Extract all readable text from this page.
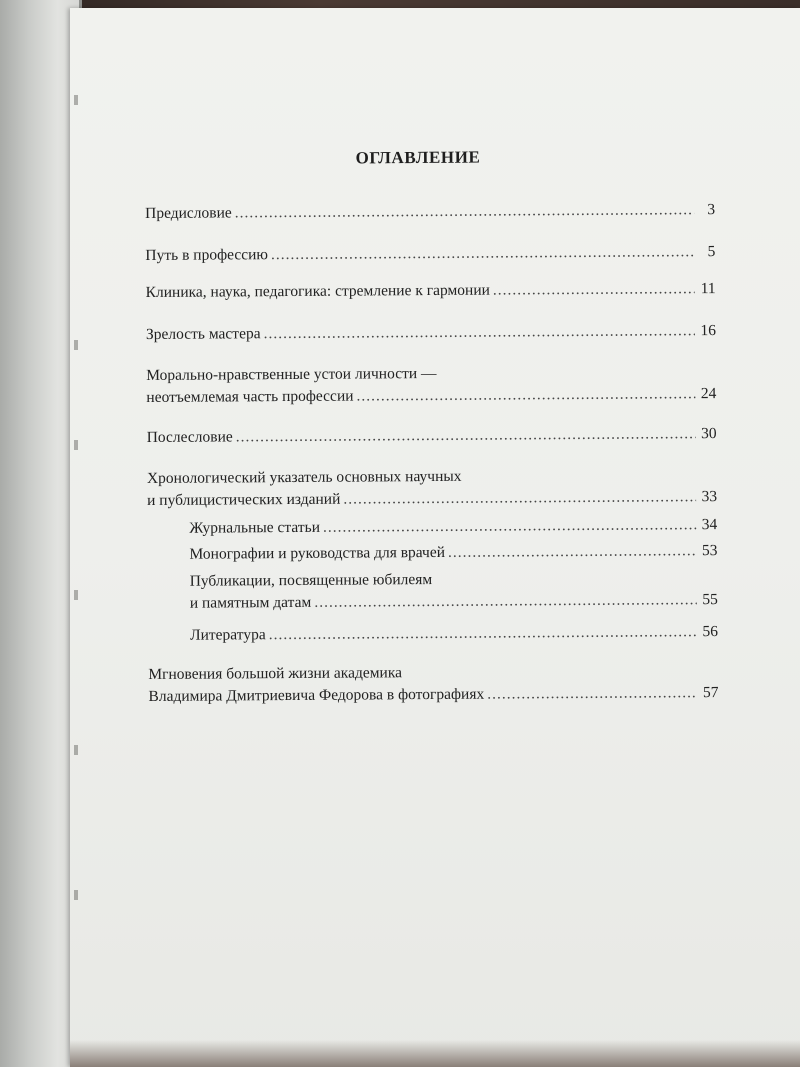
ОГЛАВЛЕНИЕ
Предисловие .....	3
Путь в профессию .....	5
Клиника, наука, педагогика: стремление к гармонии .....	11
Зрелость мастера .....	16
Морально-нравственные устои личности —
неотъемлемая часть профессии .....	24
Послесловие .....	30
Хронологический указатель основных научных
и публицистических изданий .....	33
Журнальные статьи .....	34
Монографии и руководства для врачей .....	53
Публикации, посвященные юбилеям
и памятным датам .....	55
Литература .....	56
Мгновения большой жизни академика
Владимира Дмитриевича Федорова в фотографиях .....	57
